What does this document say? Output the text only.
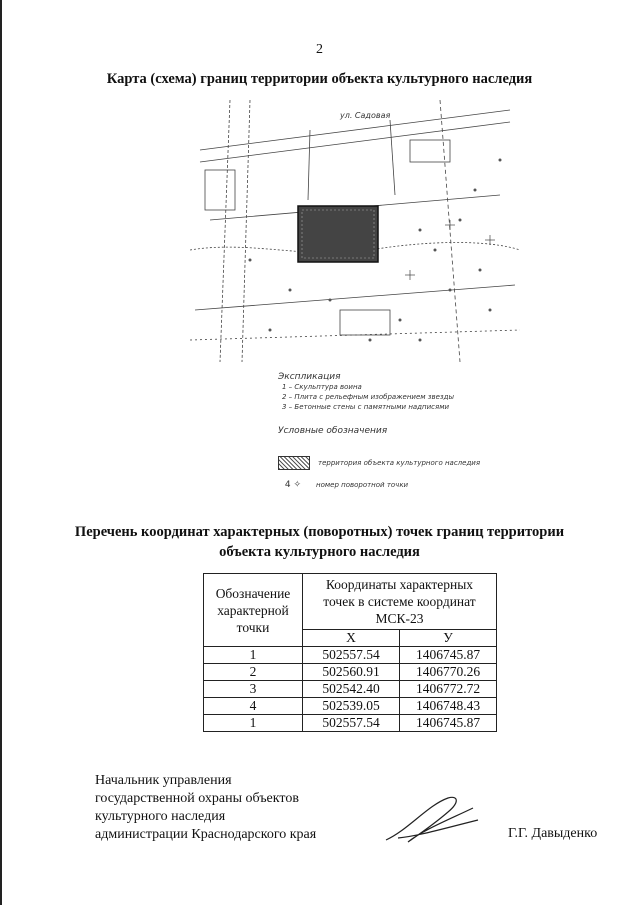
2
Карта (схема) границ территории объекта культурного наследия
ул. Садовая
Экспликация
1 – Скульптура воина
2 – Плита с рельефным изображением звезды
3 – Бетонные стены с памятными надписями
Условные обозначения
территория объекта культурного наследия
4 ✧	номер поворотной точки
Перечень координат характерных (поворотных) точек границ территории объекта культурного наследия
Обозначение характерной точки	Координаты характерных точек в системе координат МСК-23	
	X	У
1	502557.54	1406745.87
2	502560.91	1406770.26
3	502542.40	1406772.72
4	502539.05	1406748.43
1	502557.54	1406745.87
Начальник управления
государственной охраны объектов
культурного наследия
администрации Краснодарского края	Г.Г. Давыденко
